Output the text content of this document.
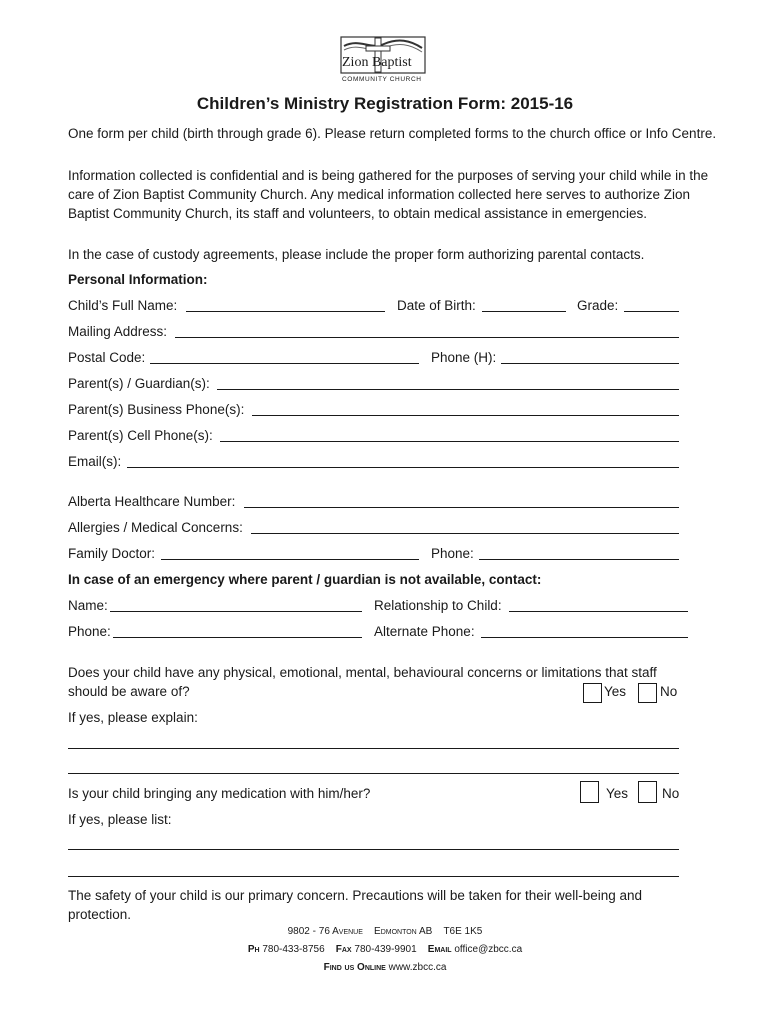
Zion Baptist
COMMUNITY CHURCH
Children’s Ministry Registration Form: 2015-16
One form per child (birth through grade 6). Please return completed forms to the church office or Info Centre.
Information collected is confidential and is being gathered for the purposes of serving your child while in the care of Zion Baptist Community Church. Any medical information collected here serves to authorize Zion Baptist Community Church, its staff and volunteers, to obtain medical assistance in emergencies.
In the case of custody agreements, please include the proper form authorizing parental contacts.
Personal Information:
Child’s Full Name:	Date of Birth:	Grade:
Mailing Address:
Postal Code:	Phone (H):
Parent(s) / Guardian(s):
Parent(s) Business Phone(s):
Parent(s) Cell Phone(s):
Email(s):
Alberta Healthcare Number:
Allergies / Medical Concerns:
Family Doctor:	Phone:
In case of an emergency where parent / guardian is not available, contact:
Name:	Relationship to Child:
Phone:	Alternate Phone:
Does your child have any physical, emotional, mental, behavioural concerns or limitations that staff
should be aware of?	Yes	No
If yes, please explain:
Is your child bringing any medication with him/her?	Yes	No
If yes, please list:
The safety of your child is our primary concern. Precautions will be taken for their well-being and protection.
9802 - 76 Avenue Edmonton AB T6E 1K5
Ph 780-433-8756 Fax 780-439-9901 Email office@zbcc.ca
Find us Online www.zbcc.ca
